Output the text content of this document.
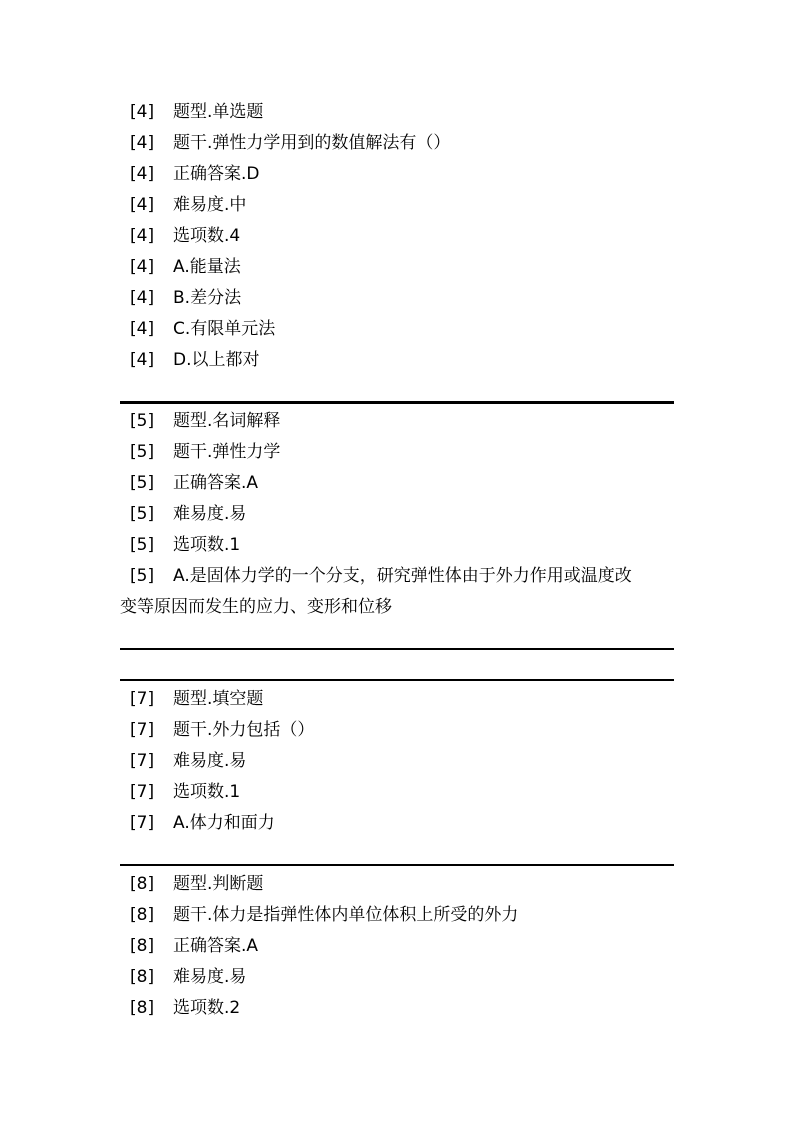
[4] 题型.单选题
[4] 题干.弹性力学用到的数值解法有（）
[4] 正确答案.D
[4] 难易度.中
[4] 选项数.4
[4] A.能量法
[4] B.差分法
[4] C.有限单元法
[4] D.以上都对
[5] 题型.名词解释
[5] 题干.弹性力学
[5] 正确答案.A
[5] 难易度.易
[5] 选项数.1
[5] A.是固体力学的一个分支，研究弹性体由于外力作用或温度改
变等原因而发生的应力、变形和位移
[7] 题型.填空题
[7] 题干.外力包括（）
[7] 难易度.易
[7] 选项数.1
[7] A.体力和面力
[8] 题型.判断题
[8] 题干.体力是指弹性体内单位体积上所受的外力
[8] 正确答案.A
[8] 难易度.易
[8] 选项数.2
